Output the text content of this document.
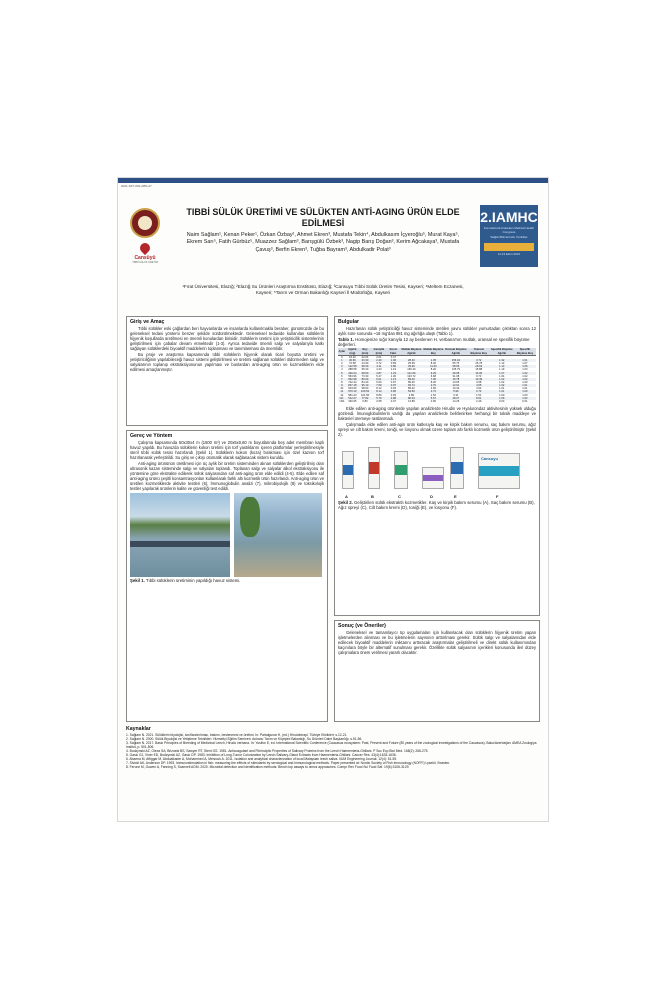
2021-SKT-003-ABS-27
Cansüyü
TIBBİ SÜLÜK ÜRETİM
TIBBİ SÜLÜK ÜRETİMİ VE SÜLÜKTEN ANTİ-AGING ÜRÜN ELDE EDİLMESİ
Naim Sağlam¹, Kenan Peker¹, Özkan Özbay², Ahmet Ekren³, Mustafa Tekin⁴, Abdulkasım İçyeroğlu⁵, Murat Kaya⁵, Ekrem Sarı⁵, Fatih Gürbüz⁵, Muazzez Sağlam³, Barışgülü Özbek³, Nagip Barış Doğan³, Kerim Ağcakaya³, Mustafa Çavuş³, Berfin Ekren³, Tuğba Bayram³, Abdulkadir Polat³
¹Fırat Üniversitesi, Elazığ; ²Elazığ Su Ürünleri Araştırma Enstitüsü, Elazığ; ³Cansuyu Tıbbi Sülük Üretim Tesisi, Kayseri; ⁴Meltem Eczanesi, Kayseri; ⁵Tarım ve Orman Bakanlığı Kayseri İl Müdürlüğü, Kayseri
2.IAMHC
International Anatolian Medical Health Congress
Sağlık Bilimlerinde Yenilikler
11-13 Ekim 2021
Giriş ve Amaç

Tıbbi sülükler eski çağlardan beri hayvanlarda ve insanlarda kullanılmakla beraber, günümüzde de bu geleneksel tedavi yöntemi benzer şekilde sürdürülmektedir. Geleneksel tedavide kullanılan sülüklerin hijyenik koşullarda üretilmesi en önemli konulardan birisidir. Sülüklerin üretimi için yetiştiricilik sistemlerinin geliştirilmesi için çabalar devam etmektedir (1-3). Ayrıca tedavide önemli salgı ve salyalarıyla katkı sağlayan sülüklerdeki biyoaktif maddelerin toplanması ve tanımlanması da önemlidir.

Bu proje ve araştırma kapsamında tıbbi sülüklerin hijyenik olarak ticari boyutta üretimi ve yetiştiriciliğinin yapılabileceği havuz sistemi geliştirilmesi ve üretimi sağlanan sülükleri öldürmeden salgı ve salyalarının toplanıp ekstraksiyonunun yapılması ve bunlardan anti-aging ürün ve kozmetiklerin elde edilmesi amaçlanmıştır.

Gereç ve Yöntem

Çalışma kapsamında 50x30x4 m (1500 m³) ve 20x5x0,60 m boyutlarında beş adet membran kaplı havuz yapıldı. Bu havuzda sülüklerin kokon üretimi için torf yastıklarını içeren platformlar yerleştirilmesiyle steril tıbbi sülük tesisi hazırlandı (Şekil 1). Sülüklerin kokon (koza) bırakması için özel kazısın torf hazırlanarak yerleştirildi. Su giriş ve çıkışı otomatik olarak sağlanacak sistem kuruldu.

Anti-aging ürününün üretilmesi için üç aylık bir üretim sisteminden alınan sülüklerden geliştirilmiş olan ultrasonik kazan sisteminde salgı ve salyaları toplandı. Toplanan salgı ve salyalar alkol ekstraksiyonu ile yöntemine göre ekstrakte edilerek sülük salyasından saf anti-aging ürün elde edildi (4-5). Elde edilen saf anti-aging ürünü çeşitli konsantrasyonları kullanılarak farklı altı kozmetik ürün hazırlandı. Anti-aging ürün ve üretilen kozmetiklerde aktivite testleri (6), İmmunoglobulin analizi (7), mikrobiyolojik (8) ve toksikolojik testler yapılarak ürünlerin kalite ve güvenliği test edildi.

Şekil 1. Tıbbi sülüklerin üretiminin yapıldığı havuz sistemi.
Bulgular

Hazırlanan sülük yetiştiriciliği havuz sisteminde üretilen yavru sülükler yumurtadan çıktıktan sonra 12 aylık süre sonunda ~18 mg'dan 981 mg ağırlığa ulaştı (Tablo 1).

Tablo 1. Homojenize sığır kanıyla 12 ay beslenen H. verbana'nın mutlak, oransal ve spesifik büyüme değerleri.
Aylar	Ağırlık (mg)	Boy (mm)	Genişlik (mm)	Kond. Fakt.	Mutlak Büyüme Ağırlık	Mutlak Büyüme Boy	Oransal Büyüme Ağırlık	Oransal Büyüme Boy	Spesifik Büyüme Ağırlık	Spesifik Büyüme Boy
0	18.20	22.64	2.01	0.47						
1	46.60	33.30	2.40	1.06	28.40	1.35	156.04	3.72	1.32	1.01
2	72.68	44.90	3.72	0.83	25.99	8.40	55.75	26.78	1.12	1.07
3	122.58	38.30	4.11	0.86	49.90	11.60	68.66	29.63	1.13	1.06
4	288.58	65.30	4.43	1.19	166.40	8.20	135.79	15.88	1.19	1.03
5	430.24	68.60	4.87	1.23	141.66	9.29	49.08	13.00	1.07	1.02
6	563.96	73.30	5.47	1.30	133.72	6.68	31.08	9.73	1.04	1.02
7	652.98	80.00	6.01	1.13	89.02	7.00	15.78	10.49	1.02	1.02
8	742.44	84.40	6.60	0.97	89.46	8.20	13.65	3.68	1.02	1.00
9	837.18	95.10	7.69	0.97	93.74	2.70	12.61	4.65	1.02	1.01
10	923.60	98.60	8.12	0.93	86.42	4.66	10.32	4.92	1.01	1.01
11	970.10	100.52	8.14	0.96	54.50	2.72	5.96	0.72	1.01	1.00
12	981.23	101.66	8.89	0.93	2.89	1.52	0.31	1.51	1.00	1.00
Ort.	512.27	77.82	5.79	0.98	80.04	5.67	48.27	8.61	1.09	1.02
sSS	330.65	0.80	2.58	0.07	13.89	0.96	14.25	2.49	0.03	0.01

Elde edilen anti-aging ürünlerde yapılan analizlerde Hirudin ve Hyalurondaz aktivitesinin yüksek olduğu gözlendi. İmunoglobulinlerin varlığı da yapılan analizlerde belirlenirken herhangi bir toksik maddeye ve bakteriel üremeye rastlanmadı.

Çalışmada elde edilen anti-agin ürün katkısıyla kaş ve kirpik bakım serumu, saç bakım serumu, ağız spreyi ve cilt bakım kremi, toniği, ve losyonu olmak üzere toplam altı farklı kozmetik ürün geliştirilmiştir (Şekil 2).

A	B	C	D	E
Cansuyu
F
Şekil 2. Geliştirilen sülük ekstraktlı kozmetikler. Kaş ve kirpik bakım serumu (A), Saç bakım serumu (B), Ağız spreyi (C), Cilt bakım kremi (D), toniği (E), ve losyonu (F).
Sonuç (ve Öneriler)

Geleneksel ve tamamlayıcı tıp uygulamaları için kullanılacak olan sülüklerin hijyenik üretim yapan işletmelerden alınması ve bu işletmelerin sayısının arttırılması gerekir. Sülük salgı ve salyalarından elde edilecek biyoaktif maddelerin miktarını arttıracak araştırmalar geliştirilmeli ve direkt sülük kullanımından kaçınılara böyle bir alternatif sunulması gerekir. Özellikle sülük salyasının içerikleri konusunda ileri düzey çalışmalara önem verilmesi yararlı olacaktır.

Kaynaklar

1. Sağlam N. 2021. Sülüklerin biyolojisi, sınıflandırılması, bakımı, beslenmesi ve üretimi. In: Partalgunar H, (ed.) Hirudoterapi. Türkiye Klinikleri; s.12-21.

2. Sağlam N. 2000. Sülük Biyolojisi ve Yetiştirme Teknikleri. Hizmetiçi Eğitim Semineri. Ankara: Tarım ve Köyişleri Bakanlığı, Su Ürünleri Daire Başkanlığı, s.51-56.

3. Sağlam N. 2017. Basic Principles of Breeding of Medicinal Leech, Hirudo verbana. In: Yusifov E, ed. International Scientific Conference (Caucasus ecosystem: Past, Present and Future (80 years of the zoological investigations of the Caucasus). Baku/Azerbaijan: AMEA Zoologiya İnstitut, p. 501-506.

4. Budzynski AZ, Olexa SA, Brizuela BS, Sawyer RT, Stent GS. 1981. Anticoagulant and Fibrinolytic Properties of Salivary Proteins from the Leech Haementeria-Ghiliani. P Soc Exp Biol Med. 168(2): 266-275.

5. Gasic GJ, Viner ED, Budzynski AZ, Gasic GP. 1983. Inhibition of Lung-Tumor Colonization by Leech Salivary-Gland Extracts from Haementeria-Ghiliani. Cancer Res. 43(4):1633-1636.

6. Abaena M, Affiggar M, Abdualkader A, Mohammed A, Merzouk A. 2011. Isolation and analytical characterization of local Malaysian leech saliva. IIUM Engineering Journal. 12(4): 51-59.

7. Sivicki AK, Anderson DP. 1993. Immunostimulation in fish: measuring the effects of stimulants by serological and immunological methods. Paper presented at: Nordic Society of Fish Immunology (NOFFI) Lysekil, Sweden.

8. Ferone M, Gowen A, Fanning S, Scannell AGM. 2020. Microbial detection and identification methods: Bench top assays to omics approaches. Compr Rev Food Sci Food Saf. 19(6):3106-3129.
